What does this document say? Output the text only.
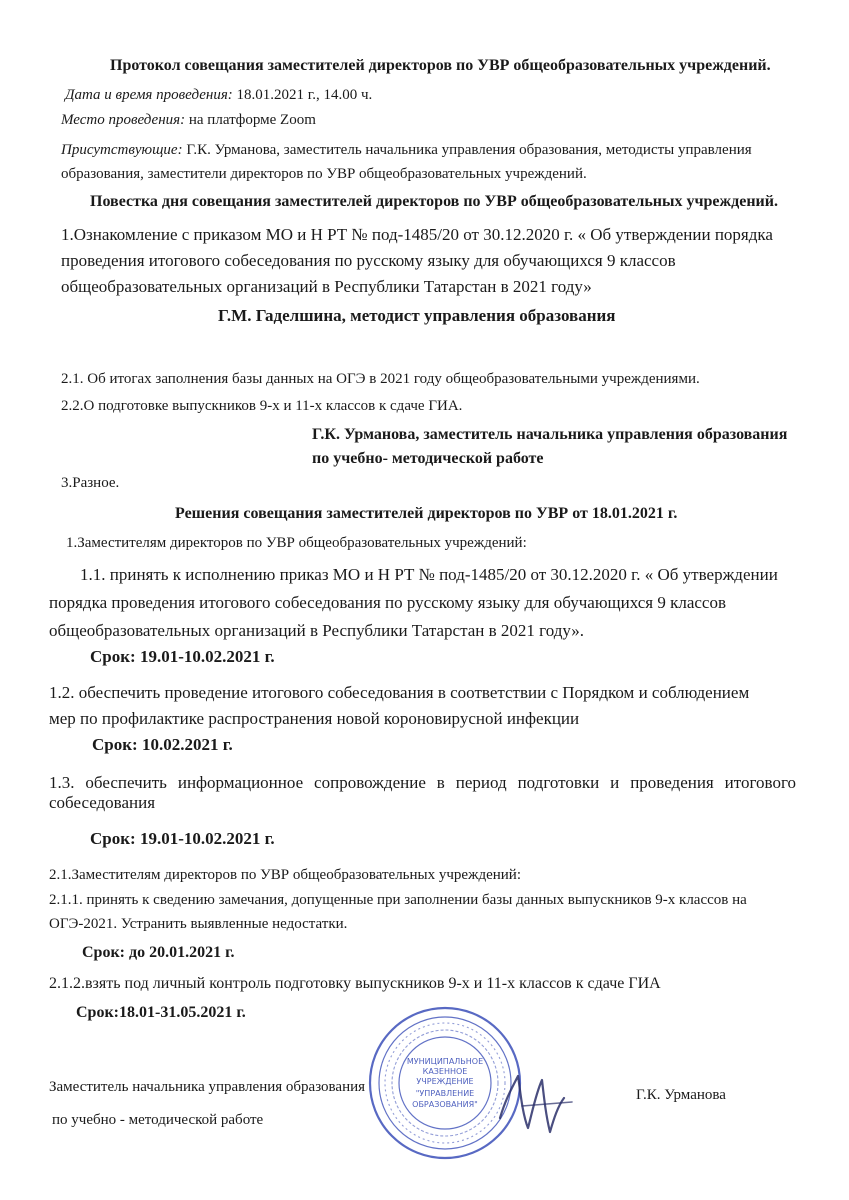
Протокол совещания заместителей директоров по УВР общеобразовательных учреждений.

Дата и время проведения: 18.01.2021 г., 14.00 ч.

Место проведения: на платформе Zoom

Присутствующие: Г.К. Урманова, заместитель начальника управления образования, методисты управления

образования, заместители директоров по УВР общеобразовательных учреждений.

Повестка дня совещания заместителей директоров по УВР общеобразовательных учреждений.

1.Ознакомление с приказом МО и Н РТ № под-1485/20 от 30.12.2020 г. « Об утверждении порядка

проведения итогового собеседования по русскому языку для обучающихся 9 классов

общеобразовательных организаций в Республики Татарстан в 2021 году»

Г.М. Гаделшина, методист управления образования

2.1. Об итогах заполнения базы данных на ОГЭ в 2021 году общеобразовательными учреждениями.

2.2.О подготовке выпускников 9-х и 11-х классов к сдаче ГИА.

Г.К. Урманова, заместитель начальника управления образования

по учебно- методической работе

3.Разное.

Решения совещания заместителей директоров по УВР от 18.01.2021 г.

1.Заместителям директоров по УВР общеобразовательных учреждений:

1.1. принять к исполнению приказ МО и Н РТ № под-1485/20 от 30.12.2020 г. « Об утверждении

порядка проведения итогового собеседования по русскому языку для обучающихся 9 классов

общеобразовательных организаций в Республики Татарстан в 2021 году».

Срок: 19.01-10.02.2021 г.

1.2. обеспечить проведение итогового собеседования в соответствии с Порядком и соблюдением

мер по профилактике распространения новой короновирусной инфекции

Срок: 10.02.2021 г.

1.3. обеспечить информационное сопровождение в период подготовки и проведения итогового

собеседования

Срок: 19.01-10.02.2021 г.

2.1.Заместителям директоров по УВР общеобразовательных учреждений:

2.1.1. принять к сведению замечания, допущенные при заполнении базы данных выпускников 9-х классов на

ОГЭ-2021. Устранить выявленные недостатки.

Срок: до 20.01.2021 г.

2.1.2.взять под личный контроль подготовку выпускников 9-х и 11-х классов к сдаче ГИА

Срок:18.01-31.05.2021 г.

Заместитель начальника управления образования

по учебно - методической работе

Г.К. Урманова

МУНИЦИПАЛЬНОЕ
КАЗЕННОЕ
УЧРЕЖДЕНИЕ
"УПРАВЛЕНИЕ
ОБРАЗОВАНИЯ"
